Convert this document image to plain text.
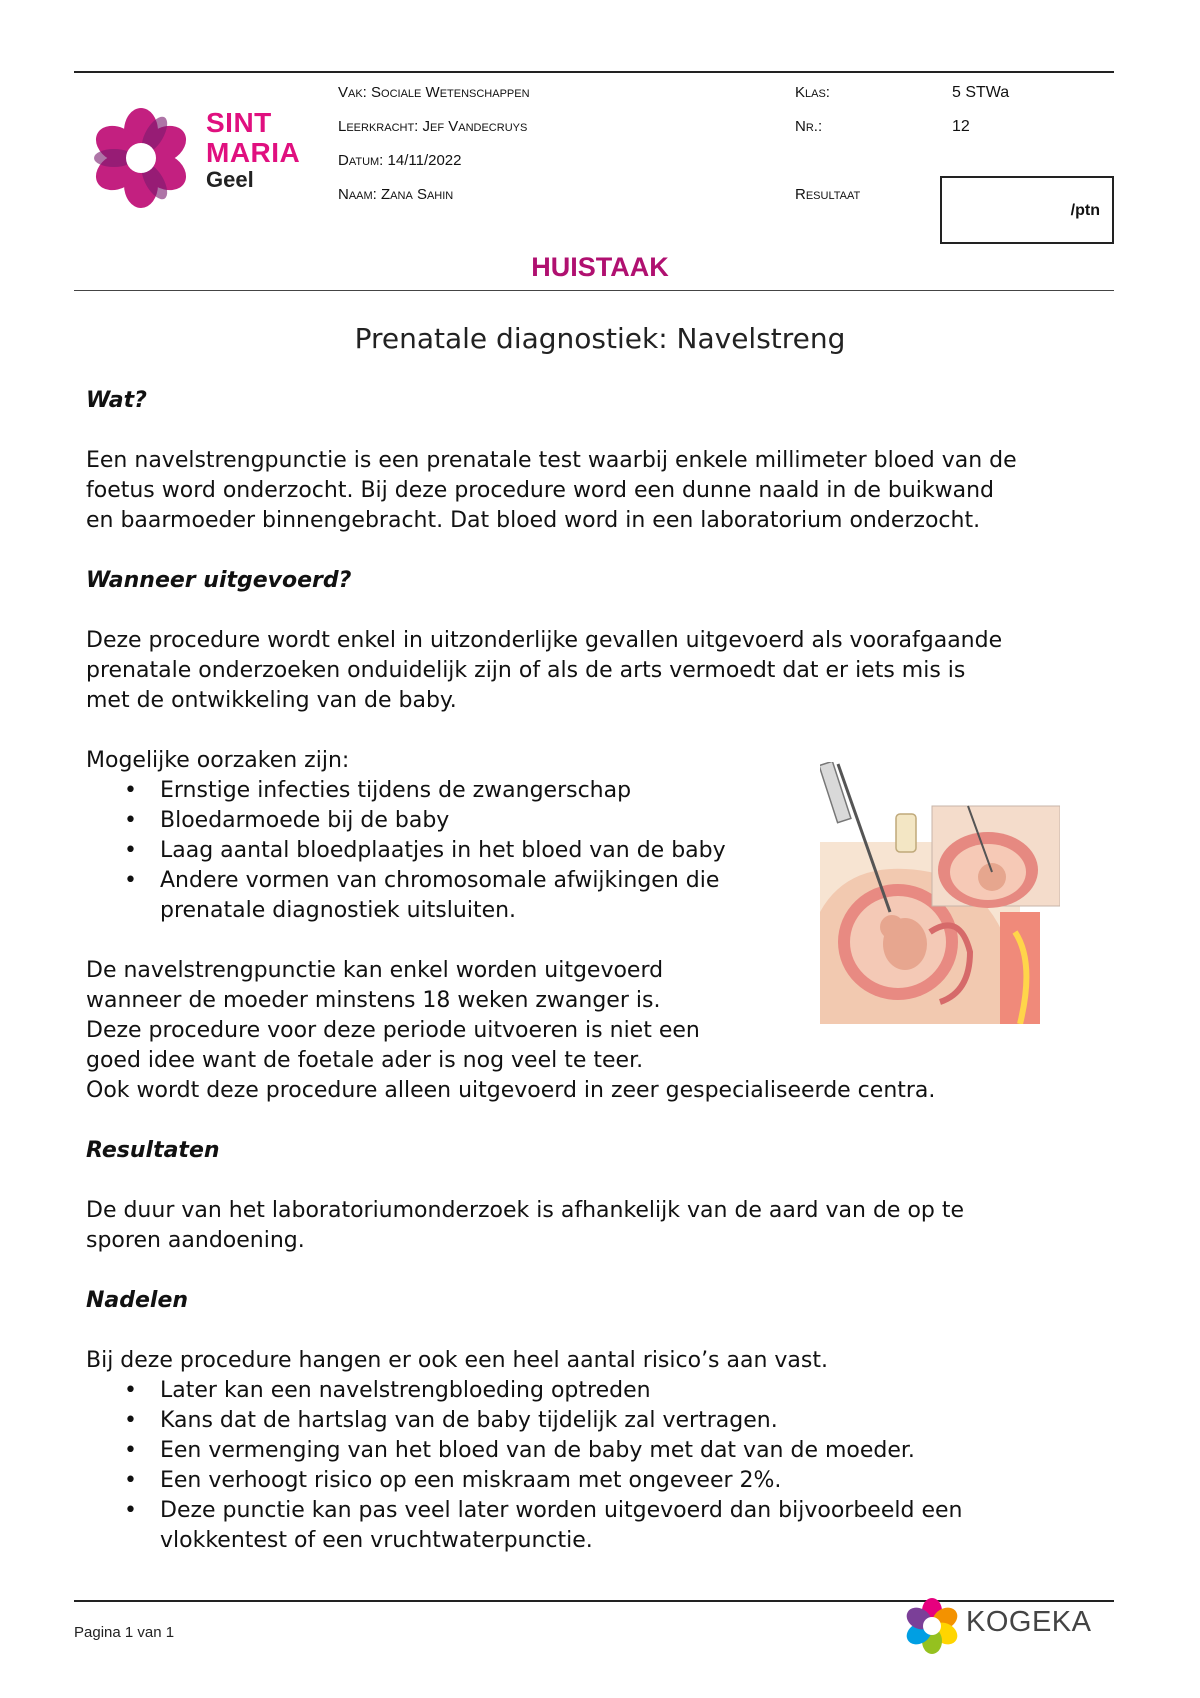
SINT
MARIA
Geel
Vak: Sociale Wetenschappen
Leerkracht: Jef Vandecruys
Datum: 14/11/2022
Naam: Zana Sahin
Klas:	5 STWa
Nr.:	12
Resultaat
/ptn
HUISTAAK
Prenatale diagnostiek: Navelstreng

Wat?

Een navelstrengpunctie is een prenatale test waarbij enkele millimeter bloed van de

foetus word onderzocht. Bij deze procedure word een dunne naald in de buikwand

en baarmoeder binnengebracht. Dat bloed word in een laboratorium onderzocht.

Wanneer uitgevoerd?

Deze procedure wordt enkel in uitzonderlijke gevallen uitgevoerd als voorafgaande

prenatale onderzoeken onduidelijk zijn of als de arts vermoedt dat er iets mis is

met de ontwikkeling van de baby.

Mogelijke oorzaken zijn:

• Ernstige infecties tijdens de zwangerschap
• Bloedarmoede bij de baby
• Laag aantal bloedplaatjes in het bloed van de baby
• Andere vormen van chromosomale afwijkingen die
prenatale diagnostiek uitsluiten.

De navelstrengpunctie kan enkel worden uitgevoerd

wanneer de moeder minstens 18 weken zwanger is.

Deze procedure voor deze periode uitvoeren is niet een

goed idee want de foetale ader is nog veel te teer.

Ook wordt deze procedure alleen uitgevoerd in zeer gespecialiseerde centra.

Resultaten

De duur van het laboratoriumonderzoek is afhankelijk van de aard van de op te

sporen aandoening.

Nadelen

Bij deze procedure hangen er ook een heel aantal risico’s aan vast.

• Later kan een navelstrengbloeding optreden
• Kans dat de hartslag van de baby tijdelijk zal vertragen.
• Een vermenging van het bloed van de baby met dat van de moeder.
• Een verhoogt risico op een miskraam met ongeveer 2%.
• Deze punctie kan pas veel later worden uitgevoerd dan bijvoorbeeld een
vlokkentest of een vruchtwaterpunctie.
Pagina 1 van 1	KOGEKA
